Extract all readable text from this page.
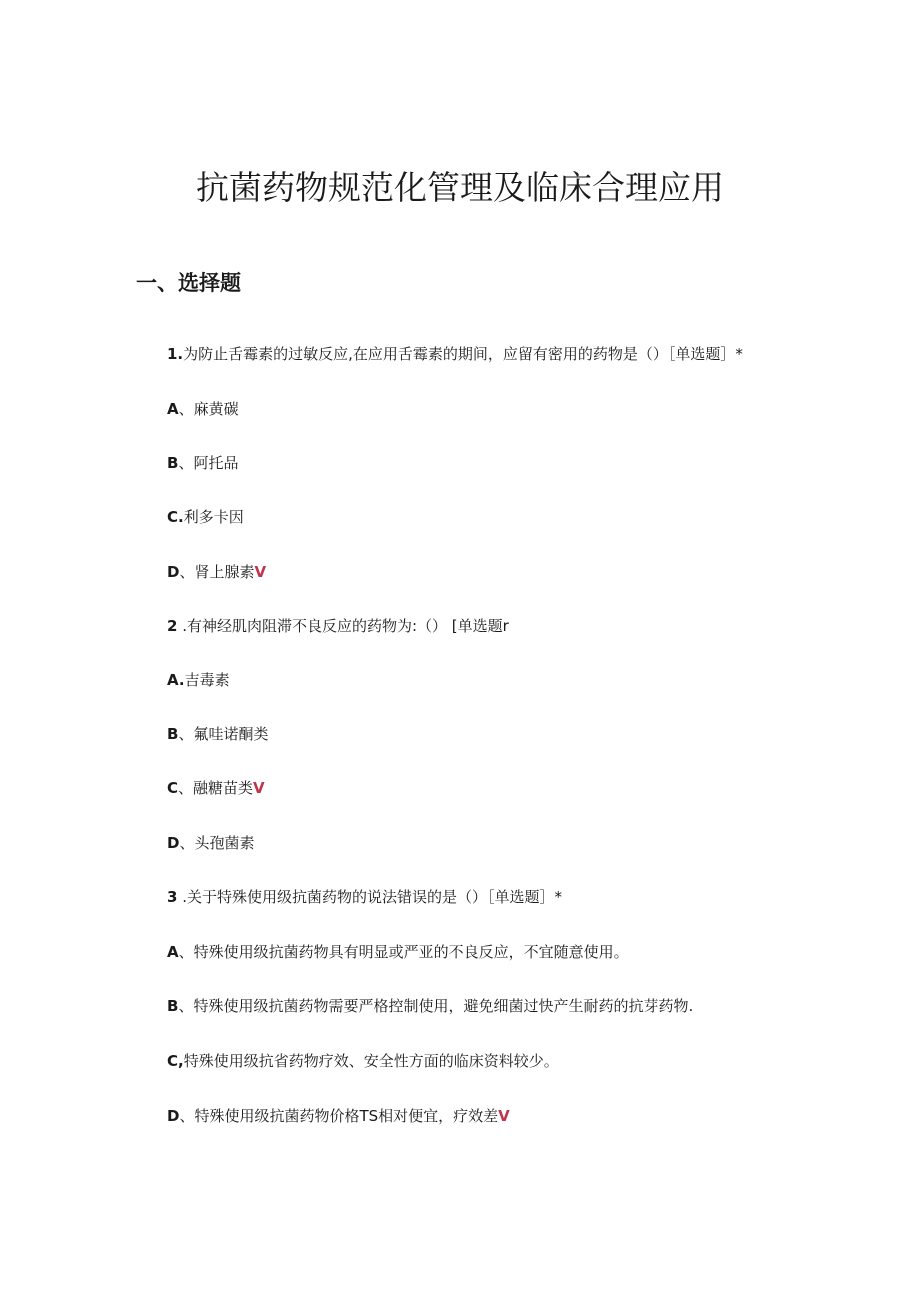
抗菌药物规范化管理及临床合理应用
一、选择题
1.为防止舌霉素的过敏反应,在应用舌霉素的期间，应留有密用的药物是（）［单选题］*
A、麻黄碳
B、阿托品
C.利多卡因
D、肾上腺素V
2 .有神经肌肉阻滞不良反应的药物为:（） [单选题r
A.吉毒素
B、氟哇诺酮类
C、融糖苗类V
D、头孢菌素
3 .关于特殊使用级抗菌药物的说法错误的是（）［单选题］*
A、特殊使用级抗菌药物具有明显或严亚的不良反应，不宜随意使用。
B、特殊使用级抗菌药物需要严格控制使用，避免细菌过快产生耐药的抗芽药物.
C,特殊使用级抗省药物疗效、安全性方面的临床资料较少。
D、特殊使用级抗菌药物价格TS相对便宜，疗效差V
